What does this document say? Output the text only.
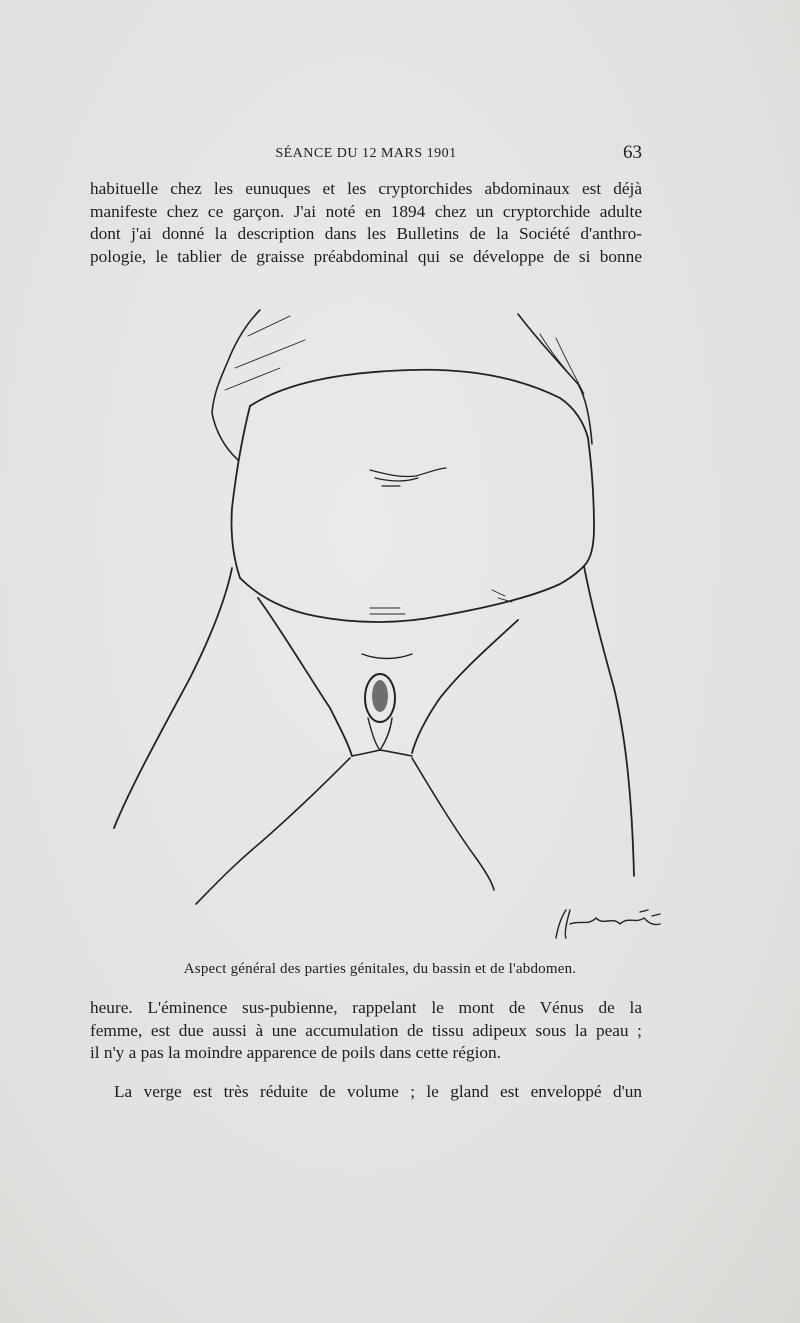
SÉANCE DU 12 MARS 1901	63
habituelle chez les eunuques et les cryptorchides abdominaux est déjà
manifeste chez ce garçon. J'ai noté en 1894 chez un cryptorchide adulte
dont j'ai donné la description dans les Bulletins de la Société d'anthro-
pologie, le tablier de graisse préabdominal qui se développe de si bonne
Aspect général des parties génitales, du bassin et de l'abdomen.
heure. L'éminence sus-pubienne, rappelant le mont de Vénus de la
femme, est due aussi à une accumulation de tissu adipeux sous la peau ;
il n'y a pas la moindre apparence de poils dans cette région.
La verge est très réduite de volume ; le gland est enveloppé d'un
